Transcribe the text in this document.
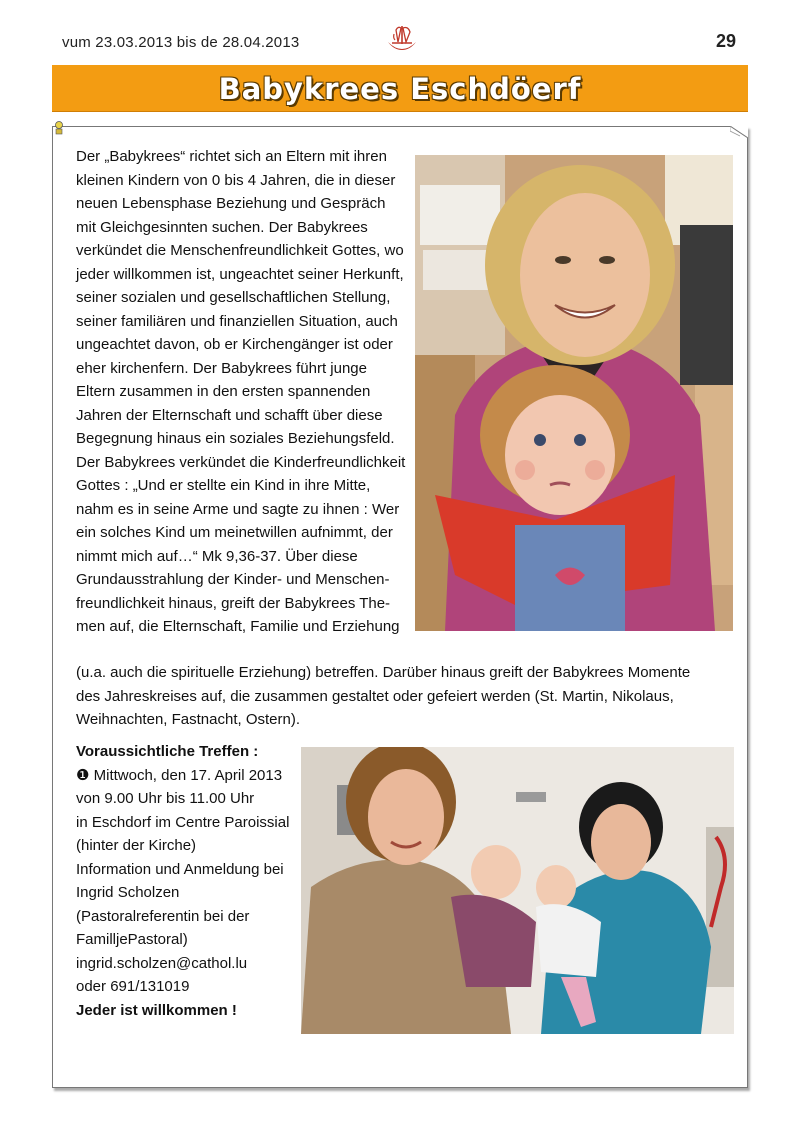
vum 23.03.2013 bis de 28.04.2013	29
Babykrees Eschdöerf
Der „Babykrees“ richtet sich an Eltern mit ihren
kleinen Kindern von 0 bis 4 Jahren, die in dieser
neuen Lebensphase Beziehung und Gespräch
mit Gleichgesinnten suchen. Der Babykrees
verkündet die Menschenfreundlichkeit Gottes, wo
jeder willkommen ist, ungeachtet seiner Herkunft,
seiner sozialen und gesellschaftlichen Stellung,
seiner familiären und finanziellen Situation, auch
ungeachtet davon, ob er Kirchengänger ist oder
eher kirchenfern. Der Babykrees führt junge
Eltern zusammen in den ersten spannenden
Jahren der Elternschaft und schafft über diese
Begegnung hinaus ein soziales Beziehungsfeld.
Der Babykrees verkündet die Kinderfreundlichkeit
Gottes : „Und er stellte ein Kind in ihre Mitte,
nahm es in seine Arme und sagte zu ihnen : Wer
ein solches Kind um meinetwillen aufnimmt, der
nimmt mich auf…“ Mk 9,36-37. Über diese
Grundausstrahlung der Kinder- und Menschen-
freundlichkeit hinaus, greift der Babykrees The-
men auf, die Elternschaft, Familie und Erziehung
(u.a. auch die spirituelle Erziehung) betreffen. Darüber hinaus greift der Babykrees Momente
des Jahreskreises auf, die zusammen gestaltet oder gefeiert werden (St. Martin, Nikolaus,
Weihnachten, Fastnacht, Ostern).
Voraussichtliche Treffen :
❶ Mittwoch, den 17. April 2013
von 9.00 Uhr bis 11.00 Uhr
in Eschdorf im Centre Paroissial
(hinter der Kirche)
Information und Anmeldung bei
Ingrid Scholzen
(Pastoralreferentin bei der
FamilljePastoral)
ingrid.scholzen@cathol.lu
oder 691/131019
Jeder ist willkommen !
